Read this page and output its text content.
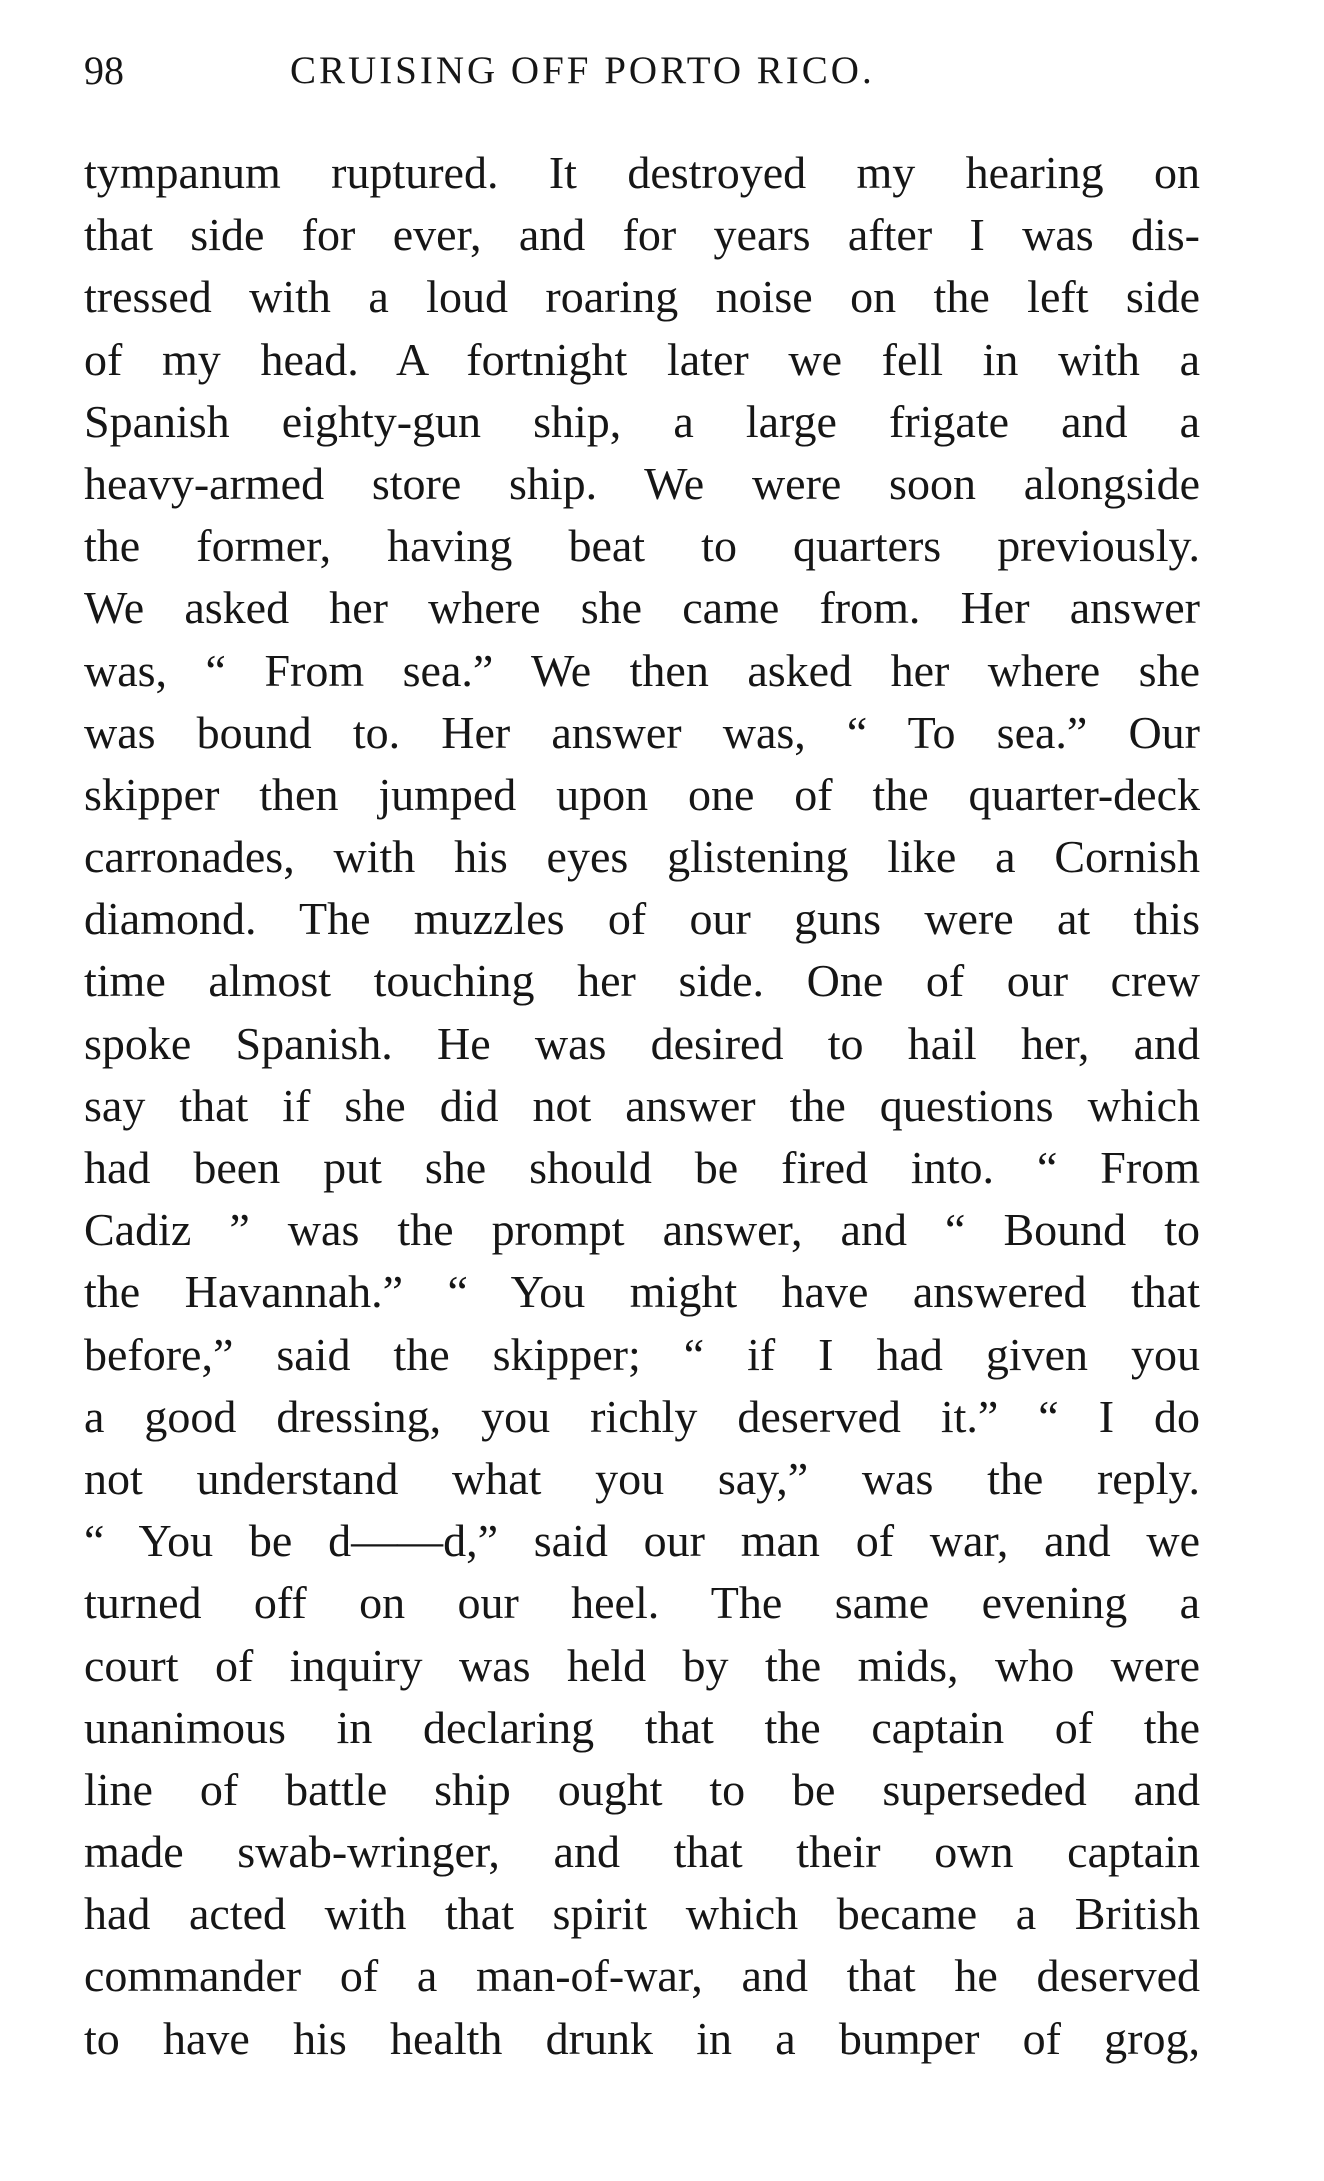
98	CRUISING OFF PORTO RICO.
tympanum ruptured. It destroyed my hearing on
that side for ever, and for years after I was dis-
tressed with a loud roaring noise on the left side
of my head. A fortnight later we fell in with a
Spanish eighty-gun ship, a large frigate and a
heavy-armed store ship. We were soon alongside
the former, having beat to quarters previously.
We asked her where she came from. Her answer
was, “ From sea.” We then asked her where she
was bound to. Her answer was, “ To sea.” Our
skipper then jumped upon one of the quarter-deck
carronades, with his eyes glistening like a Cornish
diamond. The muzzles of our guns were at this
time almost touching her side. One of our crew
spoke Spanish. He was desired to hail her, and
say that if she did not answer the questions which
had been put she should be fired into. “ From
Cadiz ” was the prompt answer, and “ Bound to
the Havannah.” “ You might have answered that
before,” said the skipper; “ if I had given you
a good dressing, you richly deserved it.” “ I do
not understand what you say,” was the reply.
“ You be d——d,” said our man of war, and we
turned off on our heel. The same evening a
court of inquiry was held by the mids, who were
unanimous in declaring that the captain of the
line of battle ship ought to be superseded and
made swab-wringer, and that their own captain
had acted with that spirit which became a British
commander of a man-of-war, and that he deserved
to have his health drunk in a bumper of grog,
